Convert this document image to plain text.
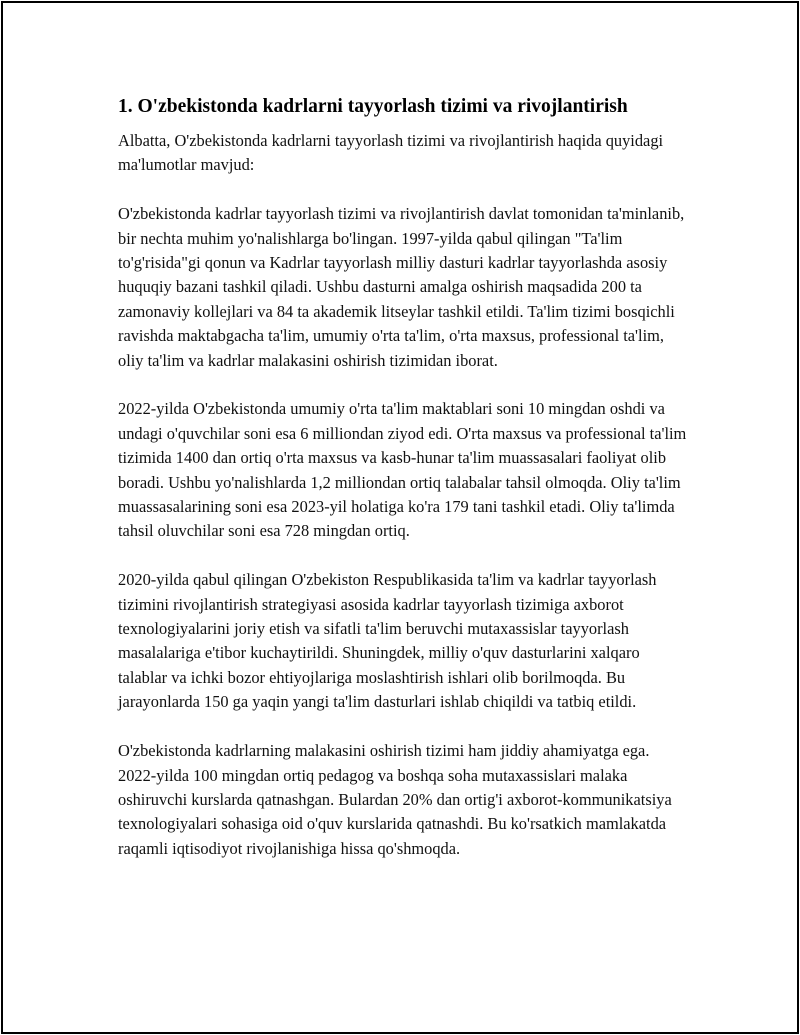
1. O'zbekistonda kadrlarni tayyorlash tizimi va rivojlantirish

Albatta, O'zbekistonda kadrlarni tayyorlash tizimi va rivojlantirish haqida quyidagi ma'lumotlar mavjud:

O'zbekistonda kadrlar tayyorlash tizimi va rivojlantirish davlat tomonidan ta'minlanib, bir nechta muhim yo'nalishlarga bo'lingan. 1997-yilda qabul qilingan "Ta'lim to'g'risida"gi qonun va Kadrlar tayyorlash milliy dasturi kadrlar tayyorlashda asosiy huquqiy bazani tashkil qiladi. Ushbu dasturni amalga oshirish maqsadida 200 ta zamonaviy kollejlari va 84 ta akademik litseylar tashkil etildi. Ta'lim tizimi bosqichli ravishda maktabgacha ta'lim, umumiy o'rta ta'lim, o'rta maxsus, professional ta'lim, oliy ta'lim va kadrlar malakasini oshirish tizimidan iborat.

2022-yilda O'zbekistonda umumiy o'rta ta'lim maktablari soni 10 mingdan oshdi va undagi o'quvchilar soni esa 6 milliondan ziyod edi. O'rta maxsus va professional ta'lim tizimida 1400 dan ortiq o'rta maxsus va kasb-hunar ta'lim muassasalari faoliyat olib boradi. Ushbu yo'nalishlarda 1,2 milliondan ortiq talabalar tahsil olmoqda. Oliy ta'lim muassasalarining soni esa 2023-yil holatiga ko'ra 179 tani tashkil etadi. Oliy ta'limda tahsil oluvchilar soni esa 728 mingdan ortiq.

2020-yilda qabul qilingan O'zbekiston Respublikasida ta'lim va kadrlar tayyorlash tizimini rivojlantirish strategiyasi asosida kadrlar tayyorlash tizimiga axborot texnologiyalarini joriy etish va sifatli ta'lim beruvchi mutaxassislar tayyorlash masalalariga e'tibor kuchaytirildi. Shuningdek, milliy o'quv dasturlarini xalqaro talablar va ichki bozor ehtiyojlariga moslashtirish ishlari olib borilmoqda. Bu jarayonlarda 150 ga yaqin yangi ta'lim dasturlari ishlab chiqildi va tatbiq etildi.

O'zbekistonda kadrlarning malakasini oshirish tizimi ham jiddiy ahamiyatga ega. 2022-yilda 100 mingdan ortiq pedagog va boshqa soha mutaxassislari malaka oshiruvchi kurslarda qatnashgan. Bulardan 20% dan ortig'i axborot-kommunikatsiya texnologiyalari sohasiga oid o'quv kurslarida qatnashdi. Bu ko'rsatkich mamlakatda raqamli iqtisodiyot rivojlanishiga hissa qo'shmoqda.
